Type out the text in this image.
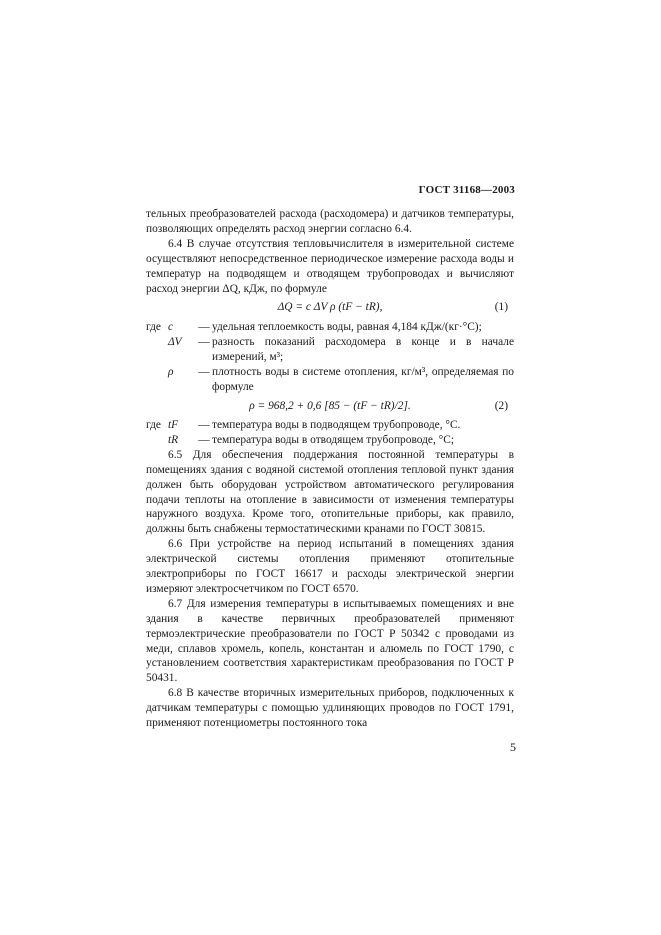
ГОСТ 31168—2003

тельных преобразователей расхода (расходомера) и датчиков температуры, позволяющих определять расход энергии согласно 6.4.

6.4 В случае отсутствия тепловычислителя в измерительной системе осуществляют непосредственное периодическое измерение расхода воды и температур на подводящем и отводящем трубопроводах и вычисляют расход энергии ΔQ, кДж, по формуле

ΔQ = c ΔV ρ (tF − tR),	(1)
где c	— удельная теплоемкость воды, равная 4,184 кДж/(кг·°С);
ΔV	— разность показаний расходомера в конце и в начале измерений, м³;
ρ	— плотность воды в системе отопления, кг/м³, определяемая по формуле
ρ = 968,2 + 0,6 [85 − (tF − tR)/2].	(2)
где tF	— температура воды в подводящем трубопроводе, °С.
tR	— температура воды в отводящем трубопроводе, °С;

6.5 Для обеспечения поддержания постоянной температуры в помещениях здания с водяной системой отопления тепловой пункт здания должен быть оборудован устройством автоматического регулирования подачи теплоты на отопление в зависимости от изменения температуры наружного воздуха. Кроме того, отопительные приборы, как правило, должны быть снабжены термостатическими кранами по ГОСТ 30815.

6.6 При устройстве на период испытаний в помещениях здания электрической системы отопления применяют отопительные электроприборы по ГОСТ 16617 и расходы электрической энергии измеряют электросчетчиком по ГОСТ 6570.

6.7 Для измерения температуры в испытываемых помещениях и вне здания в качестве первичных преобразователей применяют термоэлектрические преобразователи по ГОСТ Р 50342 с проводами из меди, сплавов хромель, копель, константан и алюмель по ГОСТ 1790, с установлением соответствия характеристикам преобразования по ГОСТ Р 50431.

6.8 В качестве вторичных измерительных приборов, подключенных к датчикам температуры с помощью удлиняющих проводов по ГОСТ 1791, применяют потенциометры постоянного тока

5
